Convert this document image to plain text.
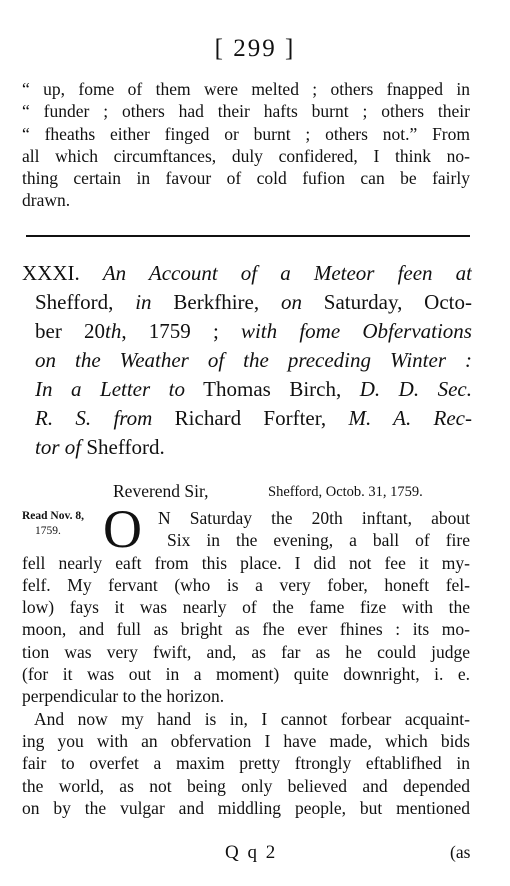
[ 299 ]
“ up, fome of them were melted ; others fnapped in
“ funder ; others had their hafts burnt ; others their
“ fheaths either finged or burnt ; others not.” From
all which circumftances, duly confidered, I think no-
thing certain in favour of cold fufion can be fairly
drawn.
XXXI. An Account of a Meteor feen at
Shefford, in Berkfhire, on Saturday, Octo-
ber 20th, 1759 ; with fome Obfervations
on the Weather of the preceding Winter :
In a Letter to Thomas Birch, D. D. Sec.
R. S. from Richard Forfter, M. A. Rec-
tor of Shefford.
Reverend Sir,	Shefford, Octob. 31, 1759.
Read Nov. 8,
1759. O N Saturday the 20th inftant, about
Six in the evening, a ball of fire
fell nearly eaft from this place. I did not fee it my-
felf. My fervant (who is a very fober, honeft fel-
low) fays it was nearly of the fame fize with the
moon, and full as bright as fhe ever fhines : its mo-
tion was very fwift, and, as far as he could judge
(for it was out in a moment) quite downright, i. e.
perpendicular to the horizon.
And now my hand is in, I cannot forbear acquaint-
ing you with an obfervation I have made, which bids
fair to overfet a maxim pretty ftrongly eftablifhed in
the world, as not being only believed and depended
on by the vulgar and middling people, but mentioned
Q q 2	(as
